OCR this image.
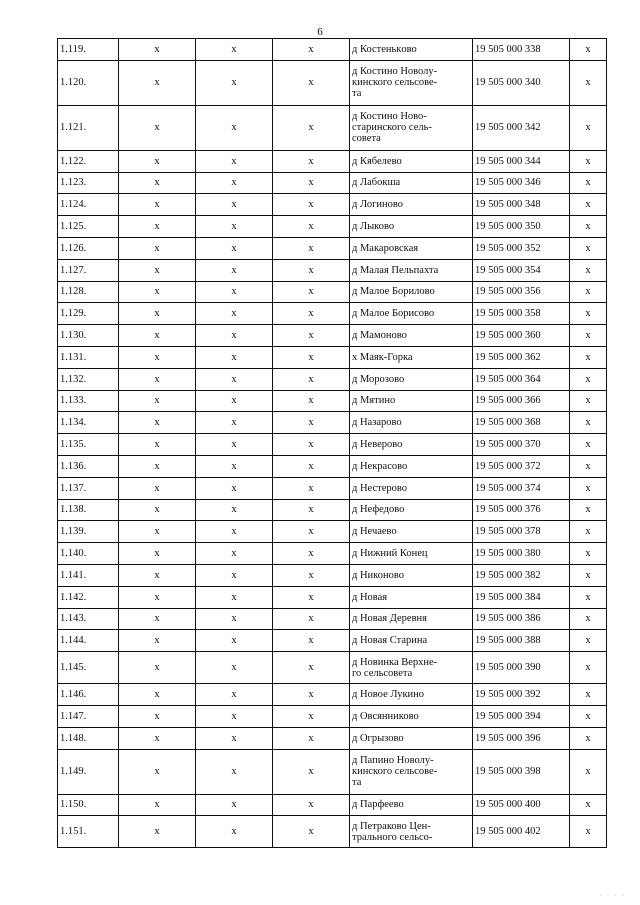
6
1.119.	x	x	x	д Костенькoво	19 505 000 338	x
1.120.	x	x	x	д Костино Новолу-
кинского сельсове-
та	19 505 000 340	x
1.121.	x	x	x	д Костино Ново-
старинского сель-
совета	19 505 000 342	x
1.122.	x	x	x	д Кябелево	19 505 000 344	x
1.123.	x	x	x	д Лабокша	19 505 000 346	x
1.124.	x	x	x	д Логиново	19 505 000 348	x
1.125.	x	x	x	д Лыково	19 505 000 350	x
1.126.	x	x	x	д Макаровская	19 505 000 352	x
1.127.	x	x	x	д Малая Пельпахта	19 505 000 354	x
1.128.	x	x	x	д Малое Борилово	19 505 000 356	x
1.129.	x	x	x	д Малое Борисово	19 505 000 358	x
1.130.	x	x	x	д Мамоново	19 505 000 360	x
1.131.	x	x	x	х Маяк-Горка	19 505 000 362	x
1.132.	x	x	x	д Морозово	19 505 000 364	x
1.133.	x	x	x	д Мятино	19 505 000 366	x
1.134.	x	x	x	д Назарово	19 505 000 368	x
1.135.	x	x	x	д Неверово	19 505 000 370	x
1.136.	x	x	x	д Некрасово	19 505 000 372	x
1.137.	x	x	x	д Нестерово	19 505 000 374	x
1.138.	x	x	x	д Нефедово	19 505 000 376	x
1.139.	x	x	x	д Нечаево	19 505 000 378	x
1.140.	x	x	x	д Нижний Конец	19 505 000 380	x
1.141.	x	x	x	д Никоново	19 505 000 382	x
1.142.	x	x	x	д Новая	19 505 000 384	x
1.143.	x	x	x	д Новая Деревня	19 505 000 386	x
1.144.	x	x	x	д Новая Старина	19 505 000 388	x
1.145.	x	x	x	д Новинка Верхне-
го сельсовета	19 505 000 390	x
1.146.	x	x	x	д Новое Лукино	19 505 000 392	x
1.147.	x	x	x	д Овсянниково	19 505 000 394	x
1.148.	x	x	x	д Огрызово	19 505 000 396	x
1.149.	x	x	x	д Папино Новолу-
кинского сельсове-
та	19 505 000 398	x
1.150.	x	x	x	д Парфеево	19 505 000 400	x
1.151.	x	x	x	д Петраково Цен-
трального сельсо-	19 505 000 402	x
· · · ·
